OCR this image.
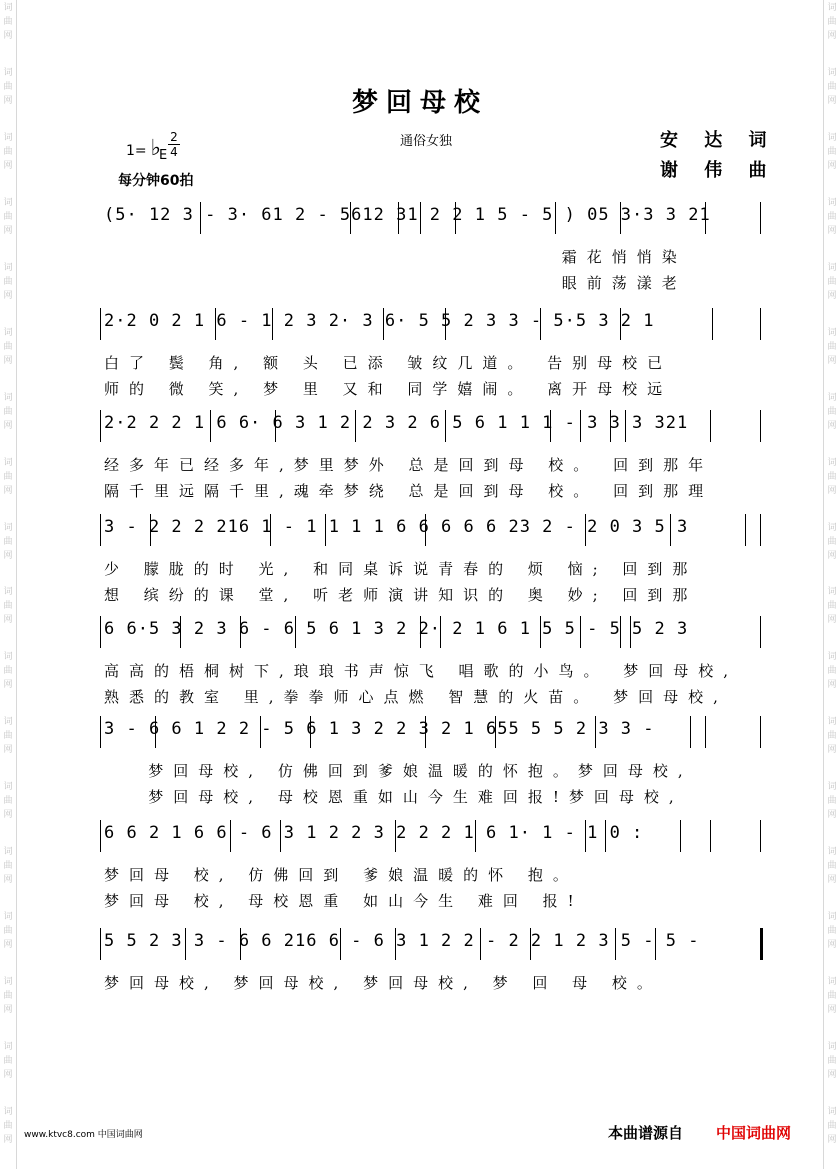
词
曲
网
词
曲
网
词
曲
网
词
曲
网
词
曲
网
词
曲
网
词
曲
网
词
曲
网
词
曲
网
词
曲
网
词
曲
网
词
曲
网
词
曲
网
词
曲
网
词
曲
网
词
曲
网
词
曲
网
词
曲
网
词
曲
网
词
曲
网
词
曲
网
词
曲
网
词
曲
网
词
曲
网
词
曲
网
词
曲
网
词
曲
网
词
曲
网
词
曲
网
词
曲
网
词
曲
网
词
曲
网
词
曲
网
词
曲
网
词
曲
网
词
曲
网
梦回母校
1= ♭E
2
4
每分钟60拍
通俗女独	安 达 词
谢 伟 曲
(5· 12 3 - 3· 61 2 - 5612 31 2 2 1 5 - 5 ) 05 3·3 3 21
霜花悄悄染
眼前荡漾老
2·2 0 2 1 6 - 1 2 3 2· 3 6· 5 5 2 3 3 - 5·5 3 2 1
白了 鬓 角, 额 头 已添 皱纹几道。 告别母校已
师的 微 笑, 梦 里 又和 同学嬉闹。 离开母校远
2·2 2 2 1 6 6· 6 3 1 2 2 3 2 6 5 6 1 1 1 - 3 3 3 321
经多年已经多年,梦里梦外 总是回到母 校。 回到那年
隔千里远隔千里,魂牵梦绕 总是回到母 校。 回到那理
3 - 2 2 2 216 1 - 1 1 1 1 6 6 6 6 6 23 2 - 2 0 3 5 3
少 朦胧的时 光, 和同桌诉说青春的 烦 恼; 回到那
想 缤纷的课 堂, 听老师演讲知识的 奥 妙; 回到那
6 6·5 3 2 3 6 - 6 5 6 1 3 2 2· 2 1 6 1 5 5 - 5 5 2 3
高高的梧桐树下,琅琅书声惊飞 唱歌的小鸟。 梦回母校,
熟悉的教室 里,拳拳师心点燃 智慧的火苗。 梦回母校,
3 - 6 6 1 2 2 - 5 6 1 3 2 2 3 2 1 655 5 5 2 3 3 -
梦回母校, 仿佛回到爹娘温暖的怀抱。梦回母校,
梦回母校, 母校恩重如山今生难回报!梦回母校,
6 6 2 1 6 6 - 6 3 1 2 2 3 2 2 2 1 6 1· 1 - 1 0 :
梦回母 校, 仿佛回到 爹娘温暖的怀 抱。
梦回母 校, 母校恩重 如山今生 难回 报!
5 5 2 3 3 - 6 6 216 6 - 6 3 1 2 2 - 2 2 1 2 3 5 - 5 -
梦回母校, 梦回母校, 梦回母校, 梦 回 母 校。
www.ktvc8.com 中国词曲网	本曲谱源自 中国词曲网
